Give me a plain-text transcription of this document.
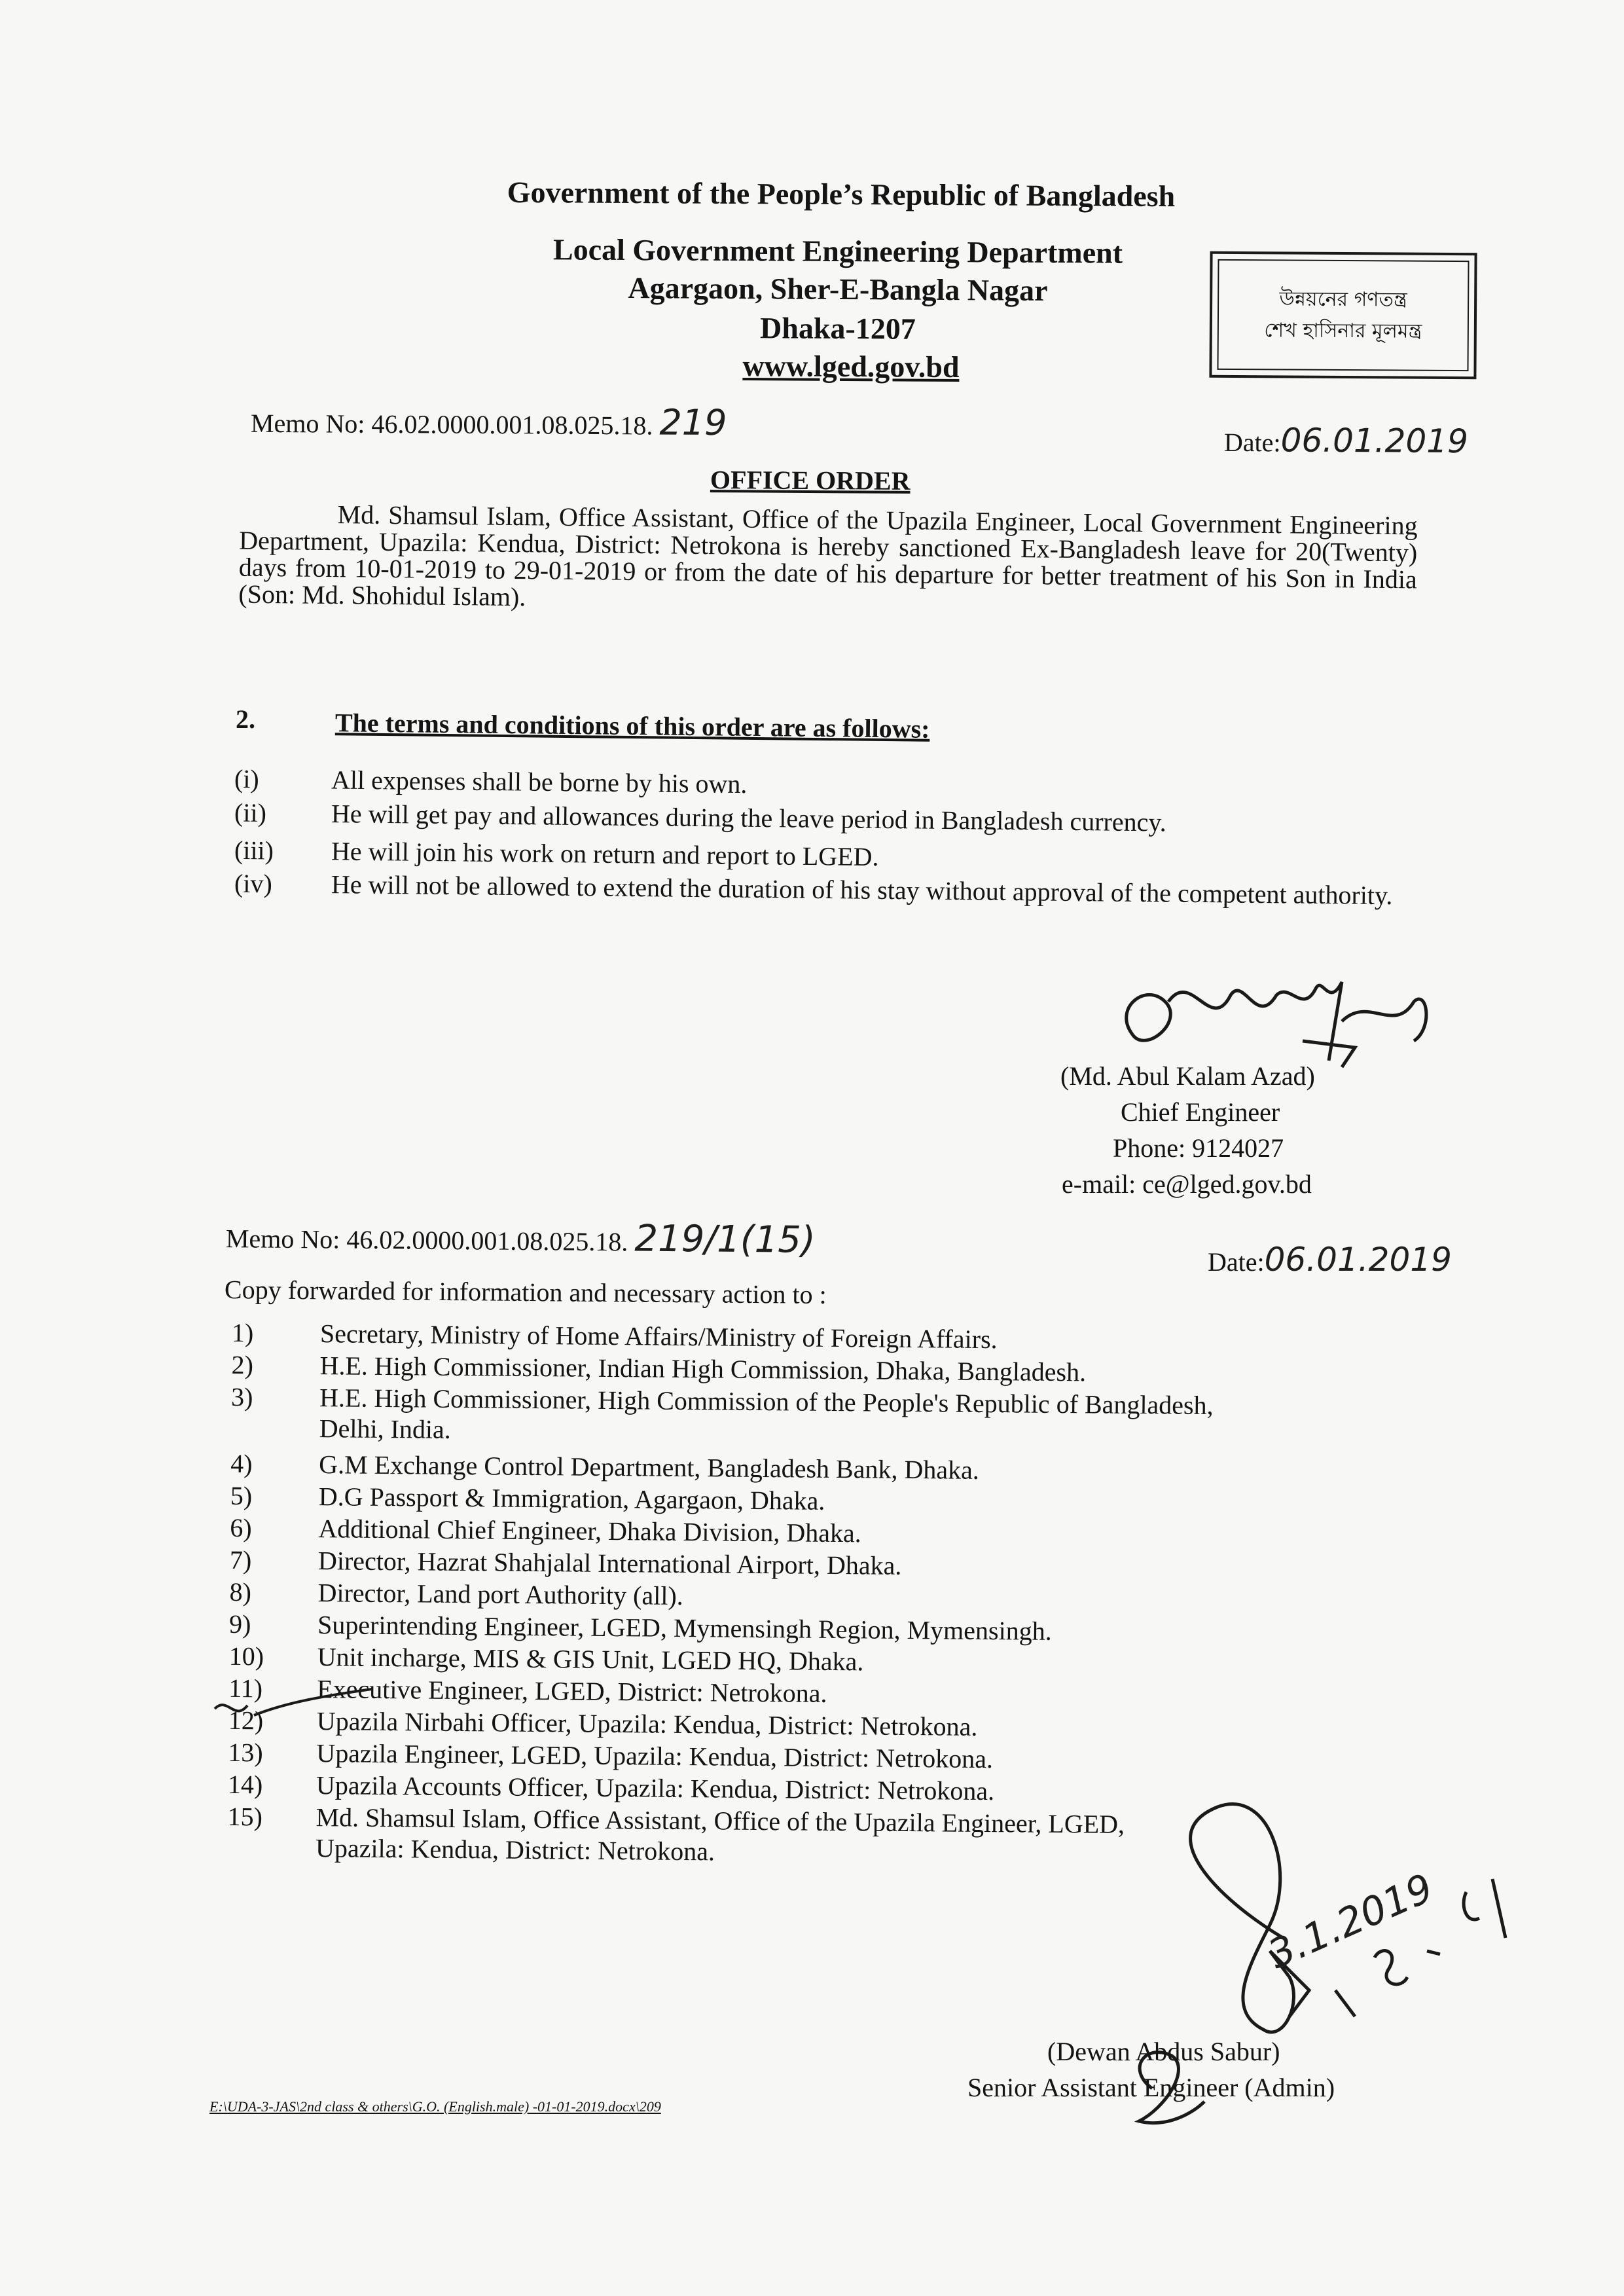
Government of the People’s Republic of Bangladesh
Local Government Engineering Department
Agargaon, Sher-E-Bangla Nagar
Dhaka-1207
www.lged.gov.bd
উন্নয়নের গণতন্ত্র
শেখ হাসিনার মূলমন্ত্র
Memo No: 46.02.0000.001.08.025.18. 219	Date:06.01.2019
OFFICE ORDER
Md. Shamsul Islam, Office Assistant, Office of the Upazila Engineer, Local Government Engineering Department, Upazila: Kendua, District: Netrokona is hereby sanctioned Ex-Bangladesh leave for 20(Twenty) days from 10-01-2019 to 29-01-2019 or from the date of his departure for better treatment of his Son in India (Son: Md. Shohidul Islam).
2.	The terms and conditions of this order are as follows:
(i)	All expenses shall be borne by his own.
(ii) He will get pay and allowances during the leave period in Bangladesh currency.
(iii) He will join his work on return and report to LGED.
(iv) He will not be allowed to extend the duration of his stay without approval of the competent authority.
(Md. Abul Kalam Azad)
Chief Engineer
Phone: 9124027
e-mail: ce@lged.gov.bd
Memo No: 46.02.0000.001.08.025.18. 219/1(15)
Date:06.01.2019
Copy forwarded for information and necessary action to :
1)	Secretary, Ministry of Home Affairs/Ministry of Foreign Affairs.
2)	H.E. High Commissioner, Indian High Commission, Dhaka, Bangladesh.
3)	H.E. High Commissioner, High Commission of the People's Republic of Bangladesh,
Delhi, India.
4)	G.M Exchange Control Department, Bangladesh Bank, Dhaka.
5)	D.G Passport & Immigration, Agargaon, Dhaka.
6)	Additional Chief Engineer, Dhaka Division, Dhaka.
7)	Director, Hazrat Shahjalal International Airport, Dhaka.
8)	Director, Land port Authority (all).
9)	Superintending Engineer, LGED, Mymensingh Region, Mymensingh.
10) Unit incharge, MIS & GIS Unit, LGED HQ, Dhaka.
11) Executive Engineer, LGED, District: Netrokona.
12) Upazila Nirbahi Officer, Upazila: Kendua, District: Netrokona.
13) Upazila Engineer, LGED, Upazila: Kendua, District: Netrokona.
14) Upazila Accounts Officer, Upazila: Kendua, District: Netrokona.
15) Md. Shamsul Islam, Office Assistant, Office of the Upazila Engineer, LGED,
Upazila: Kendua, District: Netrokona.
3.1.2019
(Dewan Abdus Sabur)
Senior Assistant Engineer (Admin)
E:\UDA-3-JAS\2nd class & others\G.O. (English.male) -01-01-2019.docx\209
